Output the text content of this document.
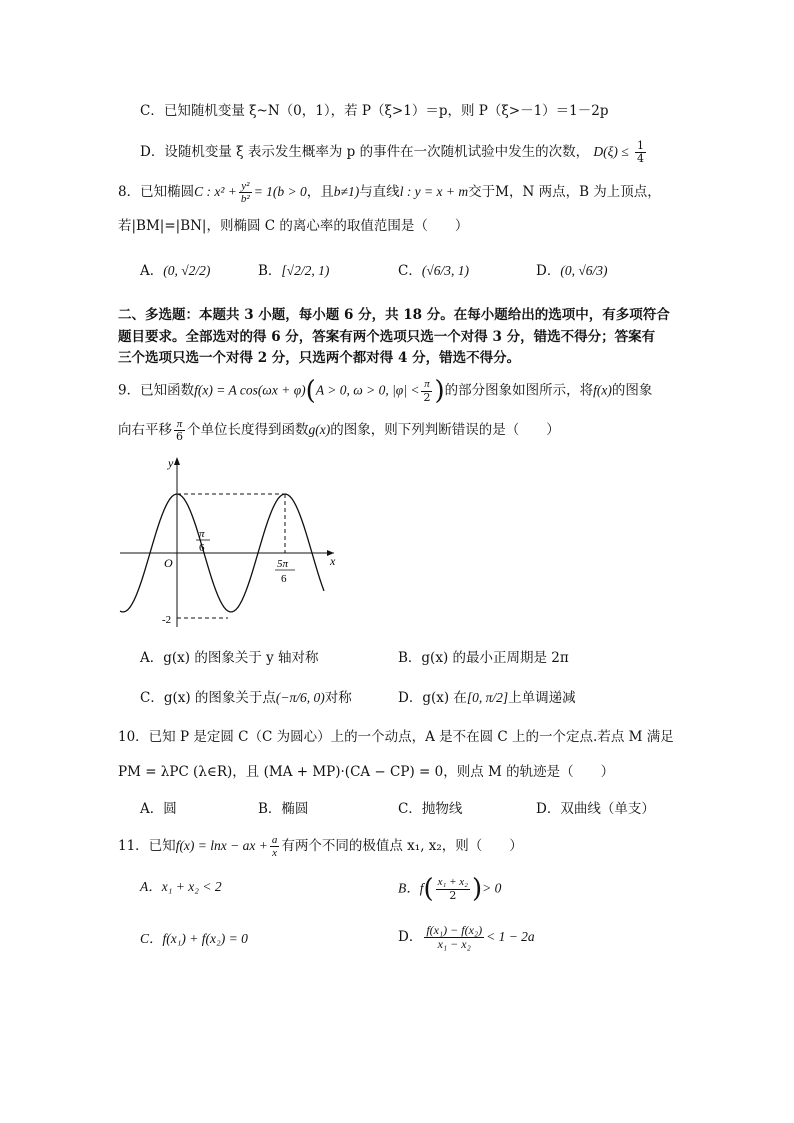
C．已知随机变量 ξ~N（0，1），若 P（ξ>1）＝p，则 P（ξ>－1）＝1－2p
D．设随机变量 ξ 表示发生概率为 p 的事件在一次随机试验中发生的次数， $D(\xi) \le \frac{1}{4}$
8．已知椭圆C : $x^2 + \frac{\text{y²}}{\text{b²}} = 1(b > 0$，且b≠1)与直线l : y = x + m交于M，N 两点，B 为上顶点，
若|BM|=|BN|，则椭圆 C 的离心率的取值范围是（　　）
A．(0, √2/2)	B．[√2/2, 1)	C．(√6/3, 1)	D．(0, √6/3)
二、多选题：本题共 3 小题，每小题 6 分，共 18 分。在每小题给出的选项中，有多项符合
题目要求。全部选对的得 6 分，答案有两个选项只选一个对得 3 分，错选不得分；答案有
三个选项只选一个对得 2 分，只选两个都对得 4 分，错选不得分。
9．已知函数f(x) = A cos(ωx + φ)(A > 0, ω > 0, $|\varphi| < \frac{\pi}{2}$ )的部分图象如图所示，将f(x)的图象
向右平移 $\frac{\pi}{6}$ 个单位长度得到函数g(x)的图象，则下列判断错误的是（　　）
y
x
O
π
6
5π
6
-2
A．g(x) 的图象关于 y 轴对称	B．g(x) 的最小正周期是 2π
C．g(x) 的图象关于点(−π/6, 0)对称	D．g(x) 在[0, π/2]上单调递减
10．已知 P 是定圆 C（C 为圆心）上的一个动点，A 是不在圆 C 上的一个定点.若点 M 满足
PM = λPC (λ∈R)，且 (MA + MP)·(CA − CP) = 0，则点 M 的轨迹是（　　）
A．圆	B．椭圆	C．抛物线	D．双曲线（单支）
11．已知f(x) = lnx − ax + $\frac{a}{x}$ 有两个不同的极值点 x₁, x₂，则（　　）
A．x₁ + x₂ < 2	B．$f( \frac{\text{x₁ + x₂}}{2}$ )> 0
C．f(x₁) + f(x₂) = 0	D． $\frac{\text{f(x₁) − f(x₂)}}{\text{x₁ − x₂}} < 1 - 2a$
